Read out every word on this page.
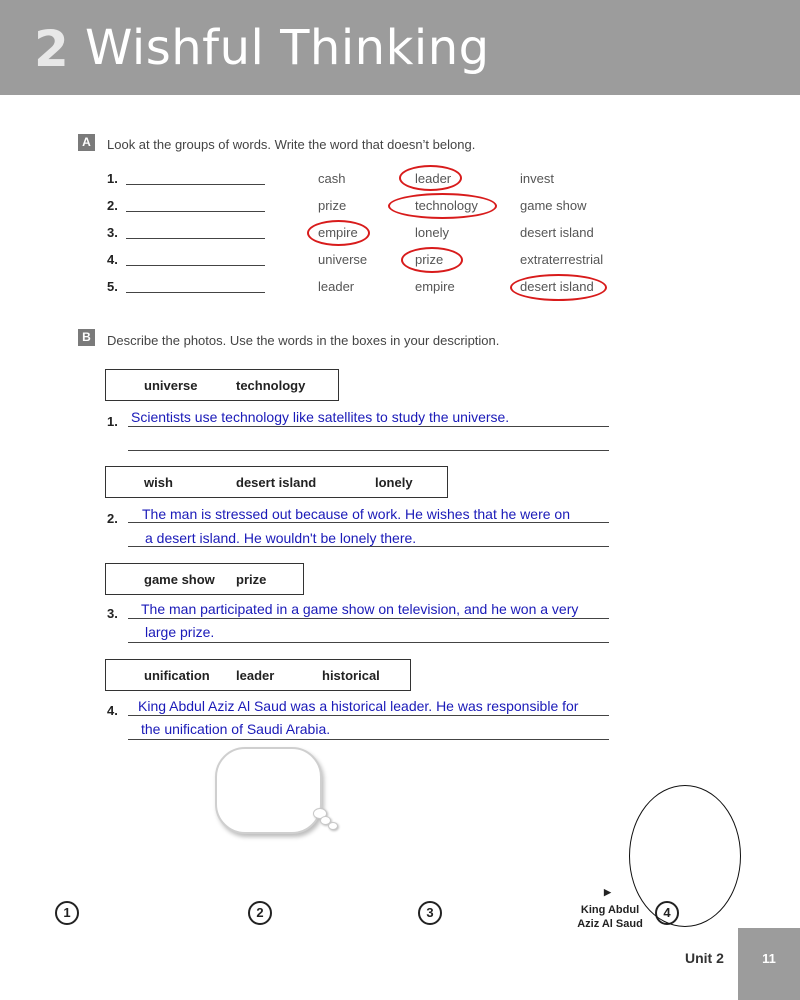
2 Wishful Thinking
A	Look at the groups of words. Write the word that doesn’t belong.
1.	cash	leader	invest
2.	prize	technology	game show
3.	empire	lonely	desert island
4.	universe	prize	extraterrestrial
5.	leader	empire	desert island
B	Describe the photos. Use the words in the boxes in your description.
universe	technology
1. Scientists use technology like satellites to study the universe.
wish	desert island	lonely
2. The man is stressed out because of work. He wishes that he were on
a desert island. He wouldn't be lonely there.
game show prize
3. The man participated in a game show on television, and he won a very
large prize.
unification leader	historical
4. King Abdul Aziz Al Saud was a historical leader. He was responsible for
the unification of Saudi Arabia.
1	2	3	4
▶
King Abdul
Aziz Al Saud
Unit 2	11
